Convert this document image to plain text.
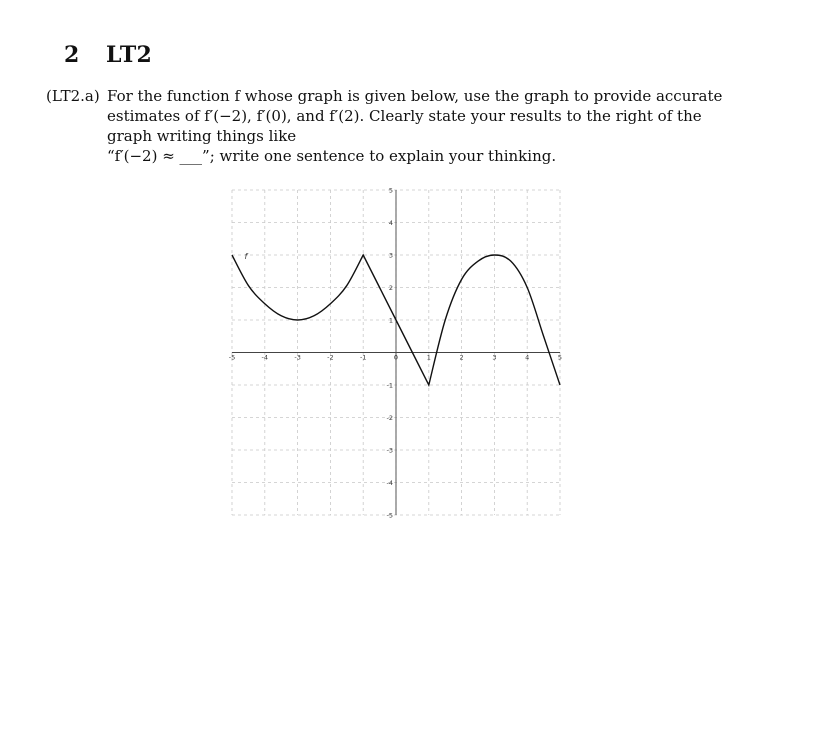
2 LT2
(LT2.a) For the function f whose graph is given below, use the graph to provide accurate
estimates of f′(−2), f′(0), and f′(2). Clearly state your results to the right of the
graph writing things like
“f′(−2) ≈ ___”; write one sentence to explain your thinking.
-5	-4	-3	-2	-1	0	1	2	3	4	5
5
4
3
2
1
-1
-2
-3
-4
-5
f
